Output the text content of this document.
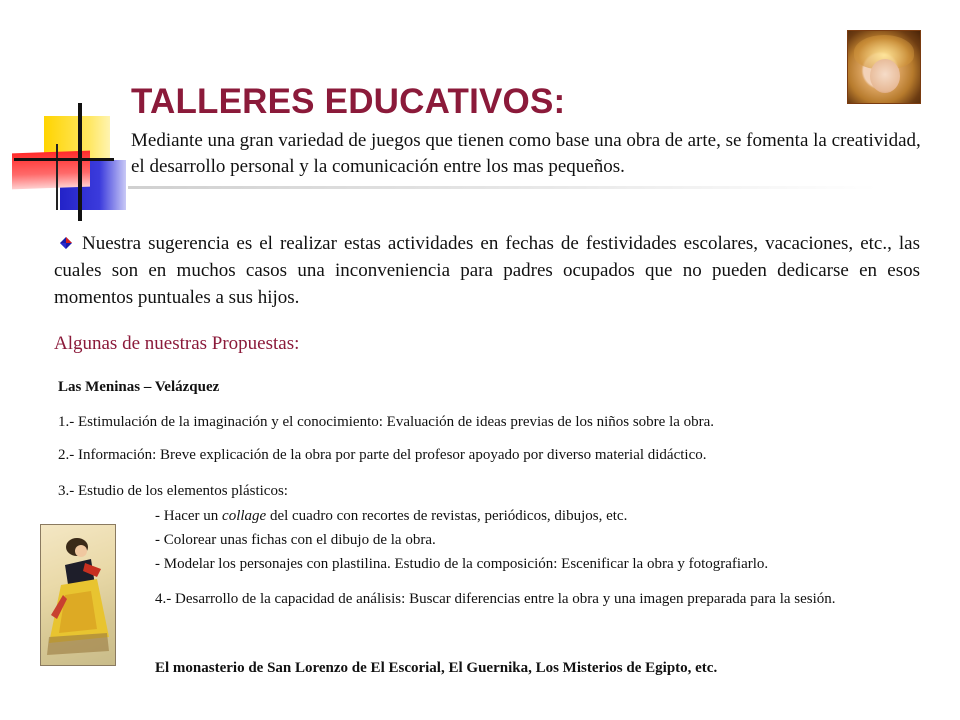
TALLERES EDUCATIVOS:

Mediante una gran variedad de juegos que tienen como base una obra de arte, se fomenta la creatividad, el desarrollo personal y la comunicación entre los mas pequeños.

Nuestra sugerencia es el realizar estas actividades en fechas de festividades escolares, vacaciones, etc., las cuales son en muchos casos una inconveniencia para padres ocupados que no pueden dedicarse en esos momentos puntuales a sus hijos.

Algunas de nuestras Propuestas:

Las Meninas – Velázquez

1.- Estimulación de la imaginación y el conocimiento: Evaluación de ideas previas de los niños sobre la obra.

2.- Información: Breve explicación de la obra por parte del profesor apoyado por diverso material didáctico.

3.- Estudio de los elementos plásticos:

- Hacer un collage del cuadro con recortes de revistas, periódicos, dibujos, etc.

- Colorear unas fichas con el dibujo de la obra.

- Modelar los personajes con plastilina. Estudio de la composición: Escenificar la obra y fotografiarlo.

4.- Desarrollo de la capacidad de análisis: Buscar diferencias entre la obra y una imagen preparada para la sesión.

El monasterio de San Lorenzo de El Escorial, El Guernika, Los Misterios de Egipto, etc.
